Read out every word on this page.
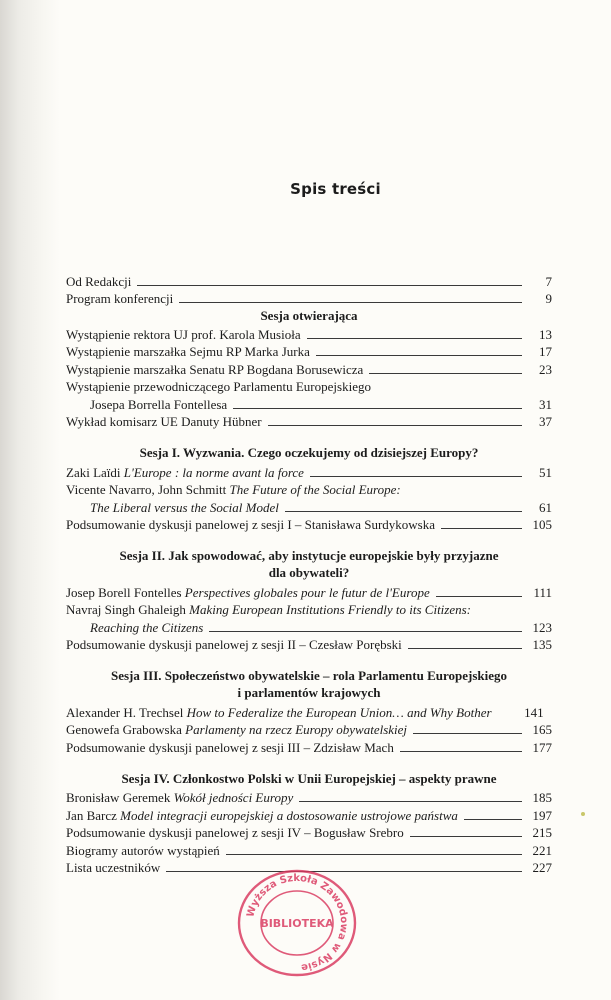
Spis treści
Od Redakcji	7
Program konferencji	9
Sesja otwierająca
Wystąpienie rektora UJ prof. Karola Musioła	13
Wystąpienie marszałka Sejmu RP Marka Jurka	17
Wystąpienie marszałka Senatu RP Bogdana Borusewicza	23
Wystąpienie przewodniczącego Parlamentu Europejskiego
Josepa Borrella Fontellesa	31
Wykład komisarz UE Danuty Hübner	37
Sesja I. Wyzwania. Czego oczekujemy od dzisiejszej Europy?
Zaki Laïdi L'Europe : la norme avant la force	51
Vicente Navarro, John Schmitt The Future of the Social Europe:
The Liberal versus the Social Model	61
Podsumowanie dyskusji panelowej z sesji I – Stanisława Surdykowska	105
Sesja II. Jak spowodować, aby instytucje europejskie były przyjazne
dla obywateli?
Josep Borell Fontelles Perspectives globales pour le futur de l'Europe	111
Navraj Singh Ghaleigh Making European Institutions Friendly to its Citizens:
Reaching the Citizens	123
Podsumowanie dyskusji panelowej z sesji II – Czesław Porębski	135
Sesja III. Społeczeństwo obywatelskie – rola Parlamentu Europejskiego
i parlamentów krajowych
Alexander H. Trechsel How to Federalize the European Union… and Why Bother	141
Genowefa Grabowska Parlamenty na rzecz Europy obywatelskiej	165
Podsumowanie dyskusji panelowej z sesji III – Zdzisław Mach	177
Sesja IV. Członkostwo Polski w Unii Europejskiej – aspekty prawne
Bronisław Geremek Wokół jedności Europy	185
Jan Barcz Model integracji europejskiej a dostosowanie ustrojowe państwa	197
Podsumowanie dyskusji panelowej z sesji IV – Bogusław Srebro	215
Biogramy autorów wystąpień	221
Lista uczestników	227
Wyższa Szkoła Zawodowa w Nysie
BIBLIOTEKA
